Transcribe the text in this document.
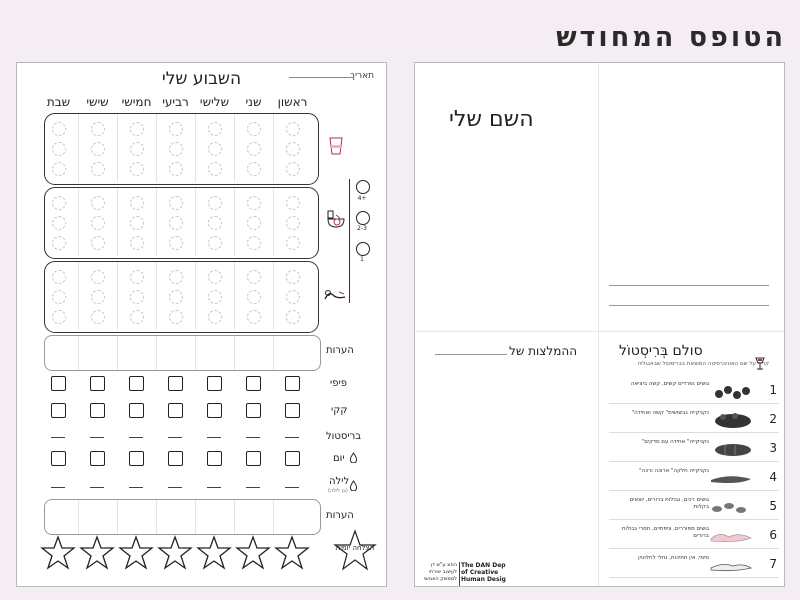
הטופס המחודש
השבוע שלי	תאריך
4+
2-3
1
הערות
פיפי
קקי
בריסטול
יום
לילה
(בן לילה)
הערות
הצלחה יומית
ראשון
שני
שלישי
רביעי
חמישי
שישי
שבת
השם שלי
ההמלצות של	סולם בְּרִיסְטוֹל
קריר על שם האוניברסיטה המוצאת בבריסטול שבאנגליה
The DAN Dep
of Creative
Human Desig
החוג ע"ש דן
לעיצוב יצירתי
לממשק האנושי
1
גושים נפרדים קשים, קשה ביציאה
2
"נקניקייה גבשושית" קשה ואחידה
3
"נקניקייה" אחידה עם סדקים
4
"נקניקייה חלקה" ארוכה ורכה
5
גושים רכים, גבולות ברורים, יוצאים בקלות
6
גושים מפוררים, ציפתיים, חסרי גבולות ברורים
7
מימי, אין חתיכות, נוזלי לחלוטין
